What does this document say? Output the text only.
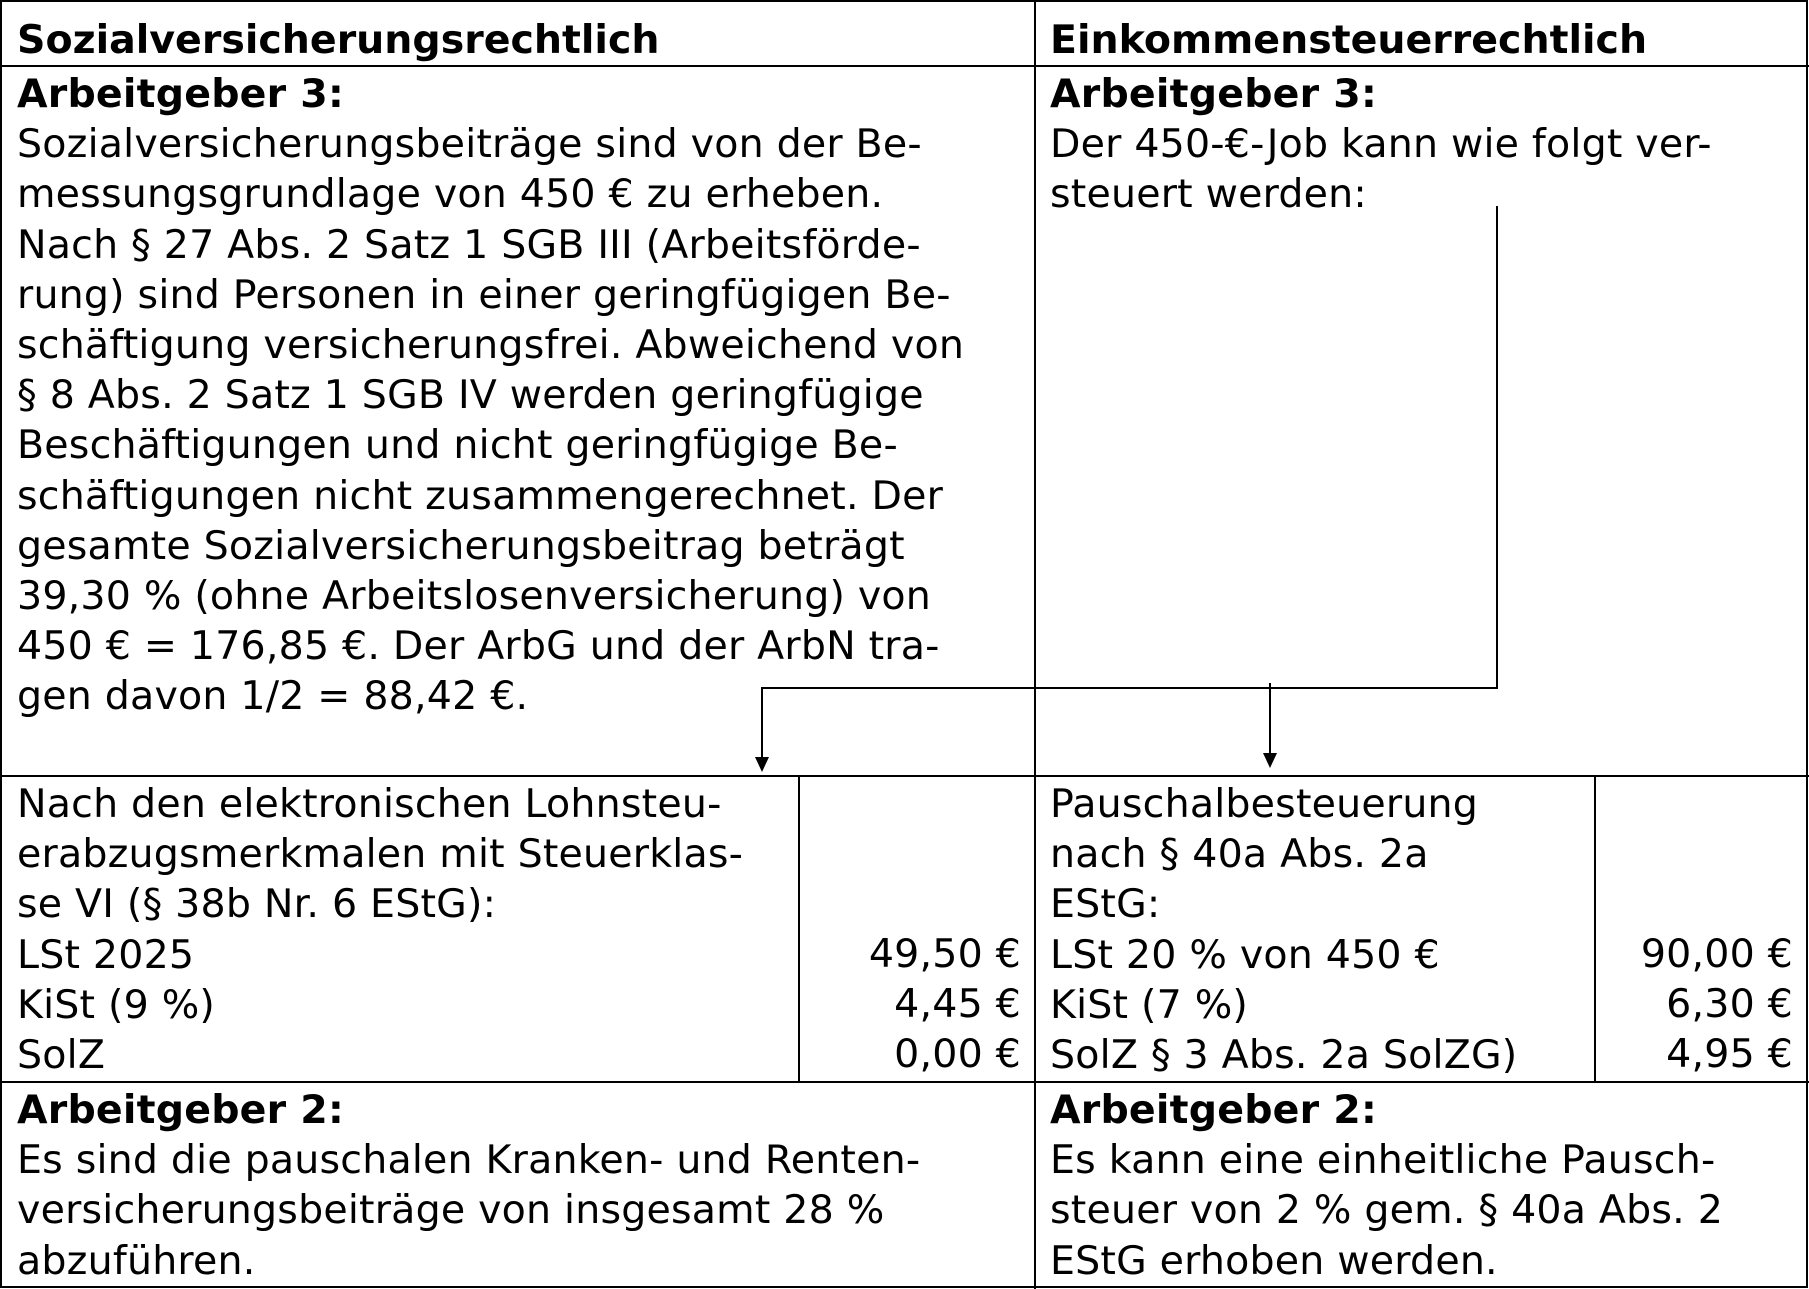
Sozialversicherungsrechtlich	Einkommensteuerrechtlich
Arbeitgeber 3:
Sozialversicherungsbeiträge sind von der Be-
messungsgrundlage von 450 € zu erheben.
Nach § 27 Abs. 2 Satz 1 SGB III (Arbeitsförde-
rung) sind Personen in einer geringfügigen Be-
schäftigung versicherungsfrei. Abweichend von
§ 8 Abs. 2 Satz 1 SGB IV werden geringfügige
Beschäftigungen und nicht geringfügige Be-
schäftigungen nicht zusammengerechnet. Der
gesamte Sozialversicherungsbeitrag beträgt
39,30 % (ohne Arbeitslosenversicherung) von
450 € = 176,85 €. Der ArbG und der ArbN tra-
gen davon 1/2 = 88,42 €.
Arbeitgeber 3:
Der 450-€-Job kann wie folgt ver-
steuert werden:
Nach den elektronischen Lohnsteu-
erabzugsmerkmalen mit Steuerklas-
se VI (§ 38b Nr. 6 EStG):
LSt 2025
KiSt (9 %)
SolZ
49,50 €
4,45 €
0,00 €
Pauschalbesteuerung
nach § 40a Abs. 2a
EStG:
LSt 20 % von 450 €
KiSt (7 %)
SolZ § 3 Abs. 2a SolZG)
90,00 €
6,30 €
4,95 €
Arbeitgeber 2:
Es sind die pauschalen Kranken- und Renten-
versicherungsbeiträge von insgesamt 28 %
abzuführen.
Arbeitgeber 2:
Es kann eine einheitliche Pausch-
steuer von 2 % gem. § 40a Abs. 2
EStG erhoben werden.
